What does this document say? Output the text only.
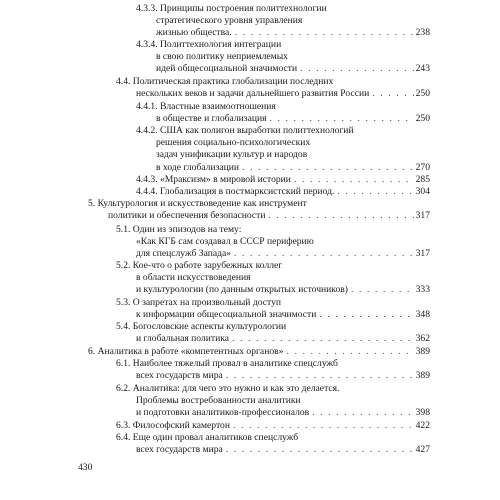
4.3.3. Принципы построения политтехнологии
стратегического уровня управления
жизнью общества. . . .	238
4.3.4. Политтехнология интеграции
в свою политику неприемлемых
идей общесоциальной значимости . . .	243
4.4. Политическая практика глобализации последних
нескольких веков и задачи дальнейшего развития России . . .	250
4.4.1. Властные взаимоотношения
в обществе и глобализация . . .	250
4.4.2. США как полигон выработки политтехнологий
решения социально-психологических
задач унификации культур и народов
в ходе глобализации . . .	270
4.4.3. «Мраксизм» в мировой истории . . .	285
4.4.4. Глобализация в постмарксистский период. . . .	304
5. Культурология и искусствоведение как инструмент
политики и обеспечения безопасности . . .	317
5.1. Один из эпизодов на тему:
«Как КГБ сам создавал в СССР периферию
для спецслужб Запада» . . .	317
5.2. Кое-что о работе зарубежных коллег
в области искусствоведения
и культурологии (по данным открытых источников) . . .	333
5.3. О запретах на произвольный доступ
к информации общесоциальной значимости . . .	348
5.4. Богословские аспекты культурологии
и глобальная политика . . .	362
6. Аналитика в работе «компетентных органов» . . .	389
6.1. Наиболее тяжелый провал в аналитике спецслужб
всех государств мира . . .	389
6.2. Аналитика: для чего это нужно и как это делается.
Проблемы востребованности аналитики
и подготовки аналитиков-профессионалов . . .	398
6.3. Философский камертон . . .	422
6.4. Еще один провал аналитиков спецслужб
всех государств мира . . .	427
430
